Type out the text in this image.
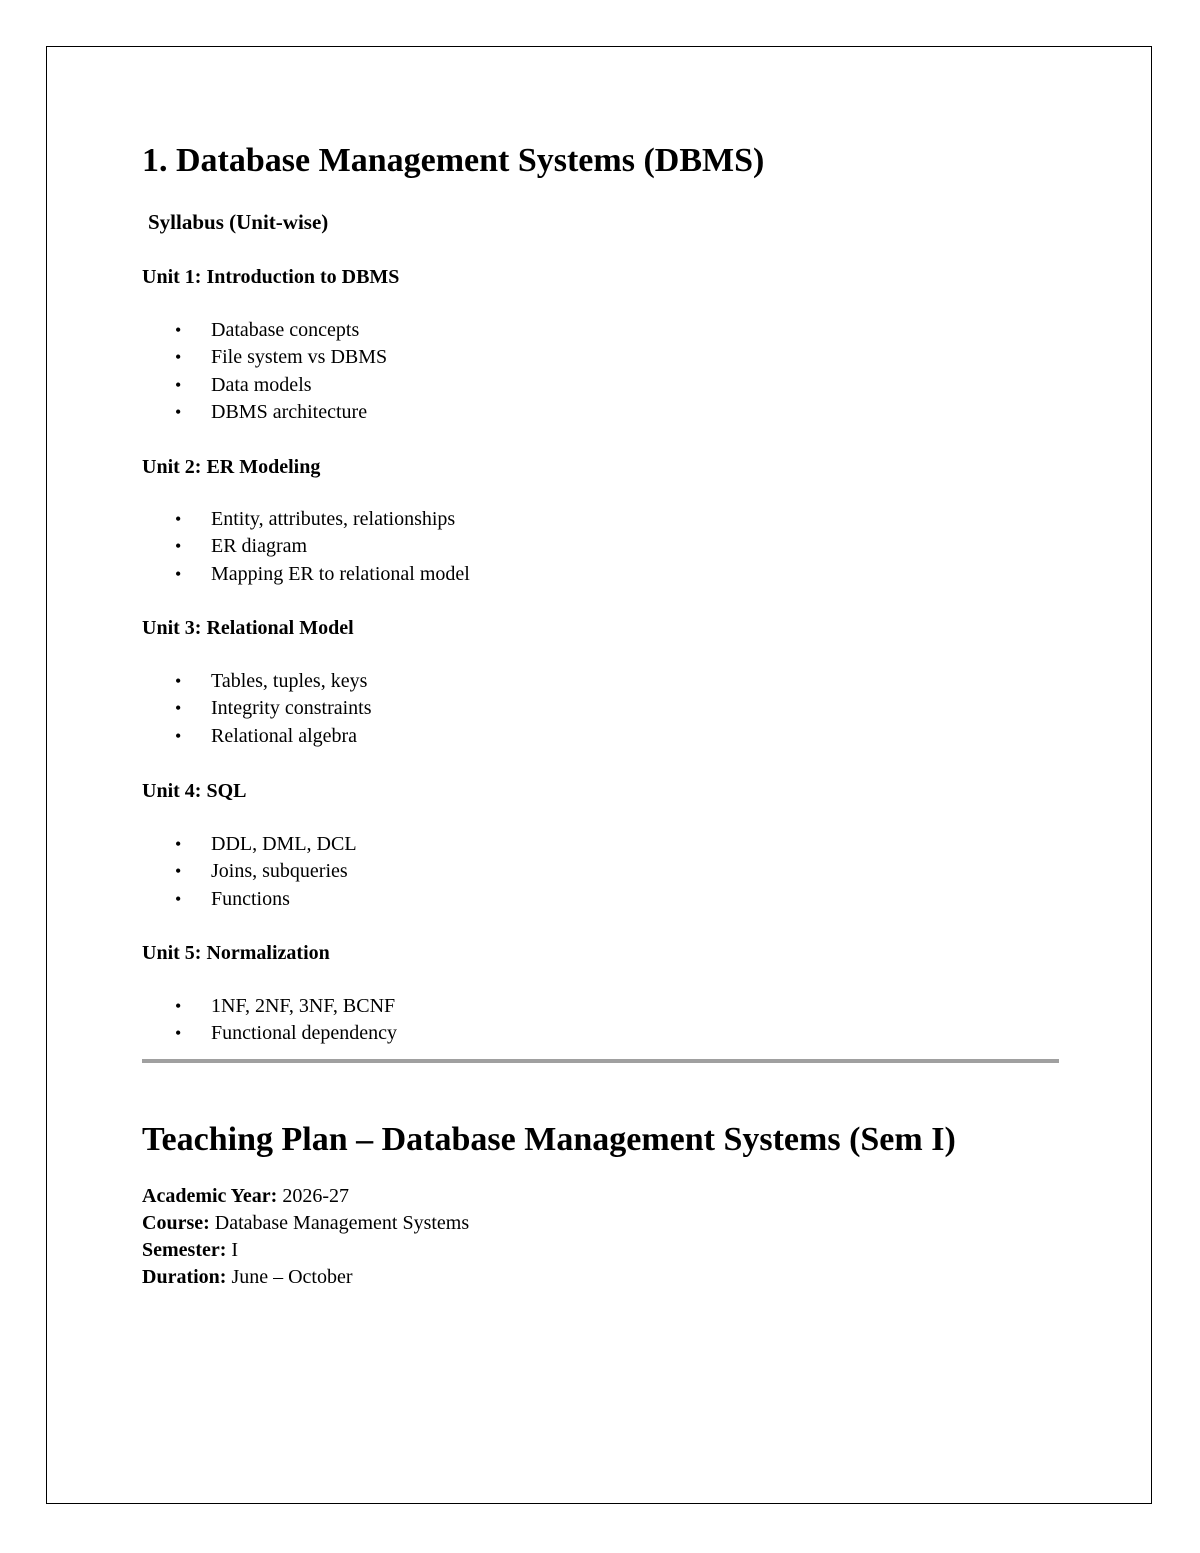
1. Database Management Systems (DBMS)
Syllabus (Unit-wise)
Unit 1: Introduction to DBMS
• Database concepts
• File system vs DBMS
• Data models
• DBMS architecture
Unit 2: ER Modeling
• Entity, attributes, relationships
• ER diagram
• Mapping ER to relational model
Unit 3: Relational Model
• Tables, tuples, keys
• Integrity constraints
• Relational algebra
Unit 4: SQL
• DDL, DML, DCL
• Joins, subqueries
• Functions
Unit 5: Normalization
• 1NF, 2NF, 3NF, BCNF
• Functional dependency
Teaching Plan – Database Management Systems (Sem I)
Academic Year: 2026-27
Course: Database Management Systems
Semester: I
Duration: June – October
